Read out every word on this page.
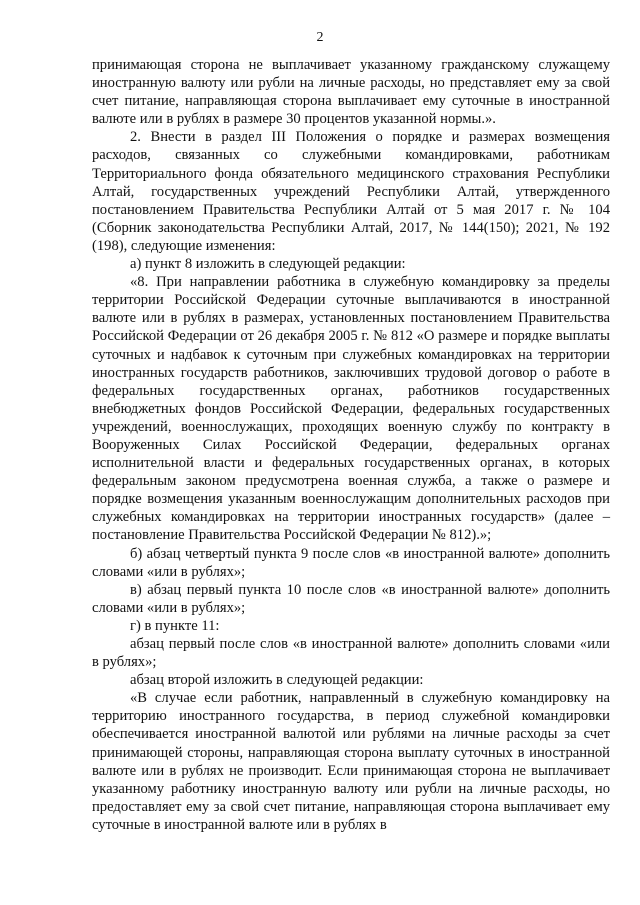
2

принимающая сторона не выплачивает указанному гражданскому служащему иностранную валюту или рубли на личные расходы, но представляет ему за свой счет питание, направляющая сторона выплачивает ему суточные в иностранной валюте или в рублях в размере 30 процентов указанной нормы.».

2. Внести в раздел III Положения о порядке и размерах возмещения расходов, связанных со служебными командировками, работникам Территориального фонда обязательного медицинского страхования Республики Алтай, государственных учреждений Республики Алтай, утвержденного постановлением Правительства Республики Алтай от 5 мая 2017 г. № 104 (Сборник законодательства Республики Алтай, 2017, № 144(150); 2021, № 192 (198), следующие изменения:

а) пункт 8 изложить в следующей редакции:

«8. При направлении работника в служебную командировку за пределы территории Российской Федерации суточные выплачиваются в иностранной валюте или в рублях в размерах, установленных постановлением Правительства Российской Федерации от 26 декабря 2005 г. № 812 «О размере и порядке выплаты суточных и надбавок к суточным при служебных командировках на территории иностранных государств работников, заключивших трудовой договор о работе в федеральных государственных органах, работников государственных внебюджетных фондов Российской Федерации, федеральных государственных учреждений, военнослужащих, проходящих военную службу по контракту в Вооруженных Силах Российской Федерации, федеральных органах исполнительной власти и федеральных государственных органах, в которых федеральным законом предусмотрена военная служба, а также о размере и порядке возмещения указанным военнослужащим дополнительных расходов при служебных командировках на территории иностранных государств» (далее – постановление Правительства Российской Федерации № 812).»;

б) абзац четвертый пункта 9 после слов «в иностранной валюте» дополнить словами «или в рублях»;

в) абзац первый пункта 10 после слов «в иностранной валюте» дополнить словами «или в рублях»;

г) в пункте 11:

абзац первый после слов «в иностранной валюте» дополнить словами «или в рублях»;

абзац второй изложить в следующей редакции:

«В случае если работник, направленный в служебную командировку на территорию иностранного государства, в период служебной командировки обеспечивается иностранной валютой или рублями на личные расходы за счет принимающей стороны, направляющая сторона выплату суточных в иностранной валюте или в рублях не производит. Если принимающая сторона не выплачивает указанному работнику иностранную валюту или рубли на личные расходы, но предоставляет ему за свой счет питание, направляющая сторона выплачивает ему суточные в иностранной валюте или в рублях в
